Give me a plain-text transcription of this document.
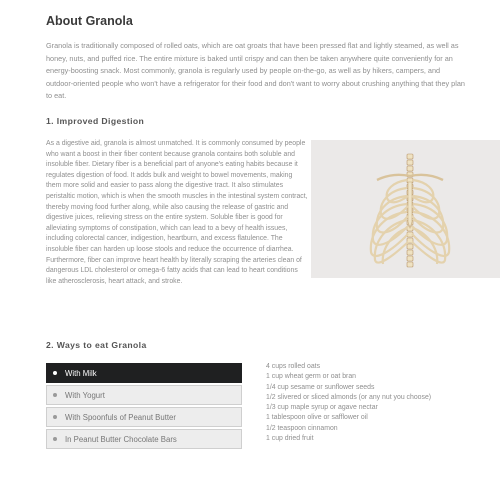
About Granola
Granola is traditionally composed of rolled oats, which are oat groats that have been pressed flat and lightly steamed, as well as honey, nuts, and puffed rice. The entire mixture is baked until crispy and can then be taken anywhere quite conveniently for an energy-boosting snack. Most commonly, granola is regularly used by people on-the-go, as well as by hikers, campers, and outdoor-oriented people who won't have a refrigerator for their food and don't want to worry about crushing anything that they plan to eat.
1. Improved Digestion
As a digestive aid, granola is almost unmatched. It is commonly consumed by people who want a boost in their fiber content because granola contains both soluble and insoluble fiber. Dietary fiber is a beneficial part of anyone's eating habits because it regulates digestion of food. It adds bulk and weight to bowel movements, making them more solid and easier to pass along the digestive tract. It also stimulates peristaltic motion, which is when the smooth muscles in the intestinal system contract, thereby moving food further along, while also causing the release of gastric and digestive juices, relieving stress on the entire system. Soluble fiber is good for alleviating symptoms of constipation, which can lead to a bevy of health issues, including colorectal cancer, indigestion, heartburn, and excess flatulence. The insoluble fiber can harden up loose stools and reduce the occurrence of diarrhea. Furthermore, fiber can improve heart health by literally scraping the arteries clean of dangerous LDL cholesterol or omega-6 fatty acids that can lead to heart conditions like atherosclerosis, heart attack, and stroke.
2. Ways to eat Granola
With Milk
With Yogurt
With Spoonfuls of Peanut Butter
In Peanut Butter Chocolate Bars
4 cups rolled oats
1 cup wheat germ or oat bran
1/4 cup sesame or sunflower seeds
1/2 slivered or sliced almonds (or any nut you choose)
1/3 cup maple syrup or agave nectar
1 tablespoon olive or safflower oil
1/2 teaspoon cinnamon
1 cup dried fruit
